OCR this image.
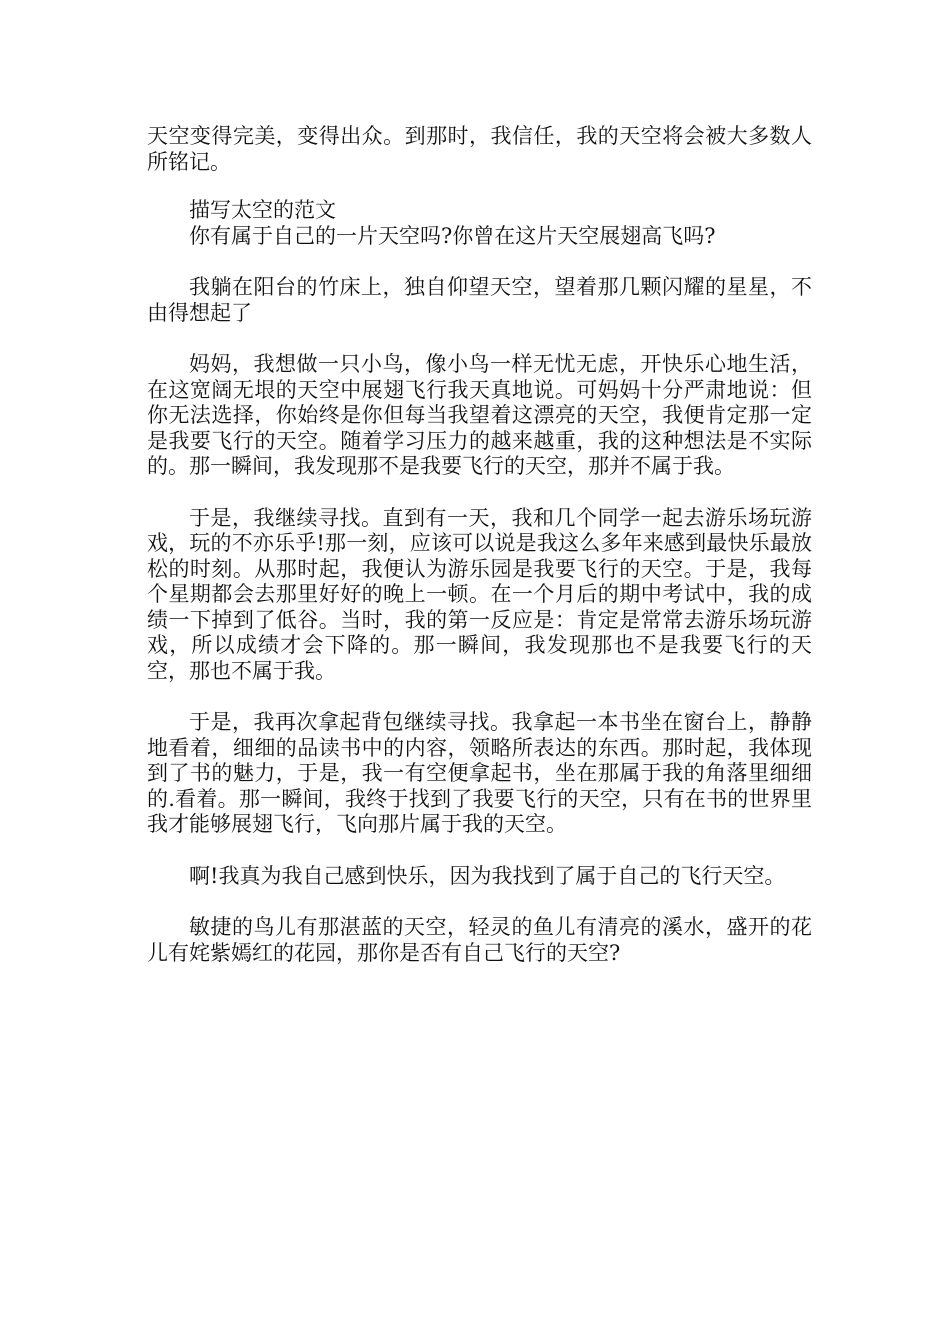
天空变得完美，变得出众。到那时，我信任，我的天空将会被大多数人所铭记。

描写太空的范文

你有属于自己的一片天空吗?你曾在这片天空展翅高飞吗?

我躺在阳台的竹床上，独自仰望天空，望着那几颗闪耀的星星，不由得想起了

妈妈，我想做一只小鸟，像小鸟一样无忧无虑，开快乐心地生活，在这宽阔无垠的天空中展翅飞行我天真地说。可妈妈十分严肃地说：但你无法选择，你始终是你但每当我望着这漂亮的天空，我便肯定那一定是我要飞行的天空。随着学习压力的越来越重，我的这种想法是不实际的。那一瞬间，我发现那不是我要飞行的天空，那并不属于我。

于是，我继续寻找。直到有一天，我和几个同学一起去游乐场玩游戏，玩的不亦乐乎!那一刻，应该可以说是我这么多年来感到最快乐最放松的时刻。从那时起，我便认为游乐园是我要飞行的天空。于是，我每个星期都会去那里好好的晚上一顿。在一个月后的期中考试中，我的成绩一下掉到了低谷。当时，我的第一反应是：肯定是常常去游乐场玩游戏，所以成绩才会下降的。那一瞬间，我发现那也不是我要飞行的天空，那也不属于我。

于是，我再次拿起背包继续寻找。我拿起一本书坐在窗台上，静静地看着，细细的品读书中的内容，领略所表达的东西。那时起，我体现到了书的魅力，于是，我一有空便拿起书，坐在那属于我的角落里细细的.看着。那一瞬间，我终于找到了我要飞行的天空，只有在书的世界里我才能够展翅飞行，飞向那片属于我的天空。

啊!我真为我自己感到快乐，因为我找到了属于自己的飞行天空。

敏捷的鸟儿有那湛蓝的天空，轻灵的鱼儿有清亮的溪水，盛开的花儿有姹紫嫣红的花园，那你是否有自己飞行的天空?
